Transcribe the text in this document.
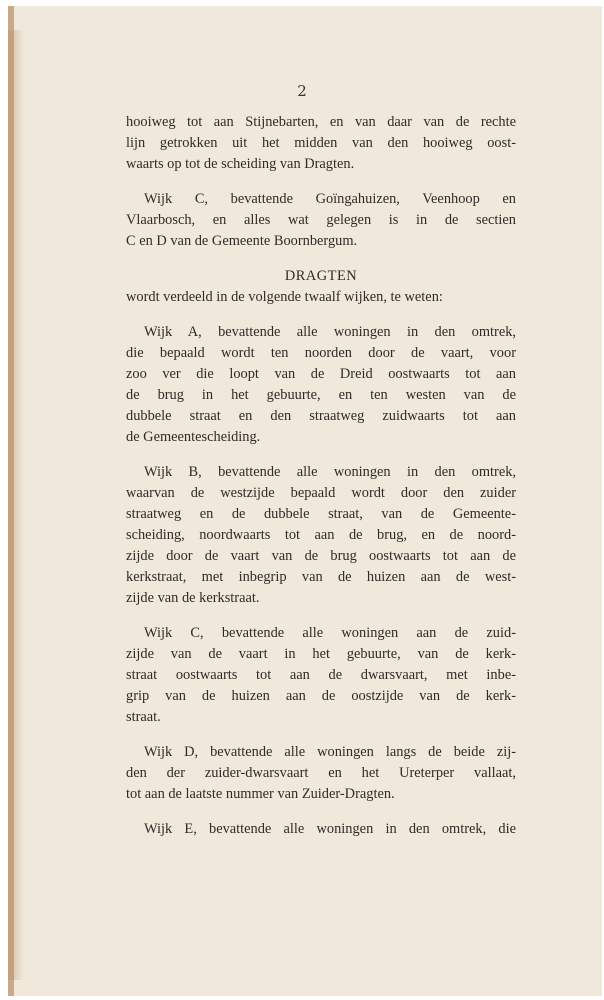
2
hooiweg tot aan Stijnebarten, en van daar van de rechte
lijn getrokken uit het midden van den hooiweg oost-
waarts op tot de scheiding van Dragten.
Wijk C, bevattende Goïngahuizen, Veenhoop en
Vlaarbosch, en alles wat gelegen is in de sectien
C en D van de Gemeente Boornbergum.
DRAGTEN
wordt verdeeld in de volgende twaalf wijken, te weten:
Wijk A, bevattende alle woningen in den omtrek,
die bepaald wordt ten noorden door de vaart, voor
zoo ver die loopt van de Dreid oostwaarts tot aan
de brug in het gebuurte, en ten westen van de
dubbele straat en den straatweg zuidwaarts tot aan
de Gemeentescheiding.
Wijk B, bevattende alle woningen in den omtrek,
waarvan de westzijde bepaald wordt door den zuider
straatweg en de dubbele straat, van de Gemeente-
scheiding, noordwaarts tot aan de brug, en de noord-
zijde door de vaart van de brug oostwaarts tot aan de
kerkstraat, met inbegrip van de huizen aan de west-
zijde van de kerkstraat.
Wijk C, bevattende alle woningen aan de zuid-
zijde van de vaart in het gebuurte, van de kerk-
straat oostwaarts tot aan de dwarsvaart, met inbe-
grip van de huizen aan de oostzijde van de kerk-
straat.
Wijk D, bevattende alle woningen langs de beide zij-
den der zuider-dwarsvaart en het Ureterper vallaat,
tot aan de laatste nummer van Zuider-Dragten.
Wijk E, bevattende alle woningen in den omtrek, die
